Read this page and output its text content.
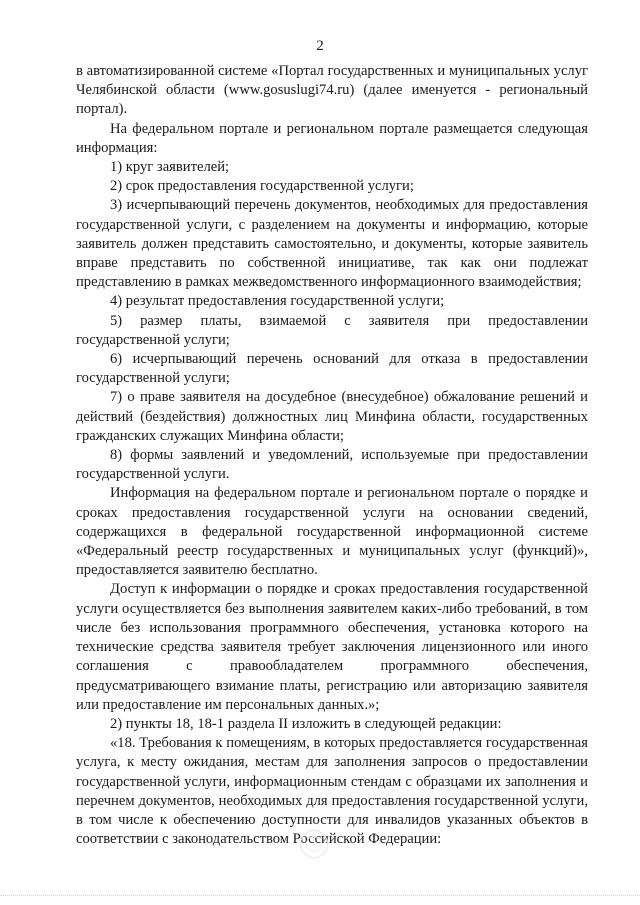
2

в автоматизированной системе «Портал государственных и муниципальных услуг Челябинской области (www.gosuslugi74.ru) (далее именуется - региональный портал).

На федеральном портале и региональном портале размещается следующая информация:

1) круг заявителей;

2) срок предоставления государственной услуги;

3) исчерпывающий перечень документов, необходимых для предоставления государственной услуги, с разделением на документы и информацию, которые заявитель должен представить самостоятельно, и документы, которые заявитель вправе представить по собственной инициативе, так как они подлежат представлению в рамках межведомственного информационного взаимодействия;

4) результат предоставления государственной услуги;

5) размер платы, взимаемой с заявителя при предоставлении государственной услуги;

6) исчерпывающий перечень оснований для отказа в предоставлении государственной услуги;

7) о праве заявителя на досудебное (внесудебное) обжалование решений и действий (бездействия) должностных лиц Минфина области, государственных гражданских служащих Минфина области;

8) формы заявлений и уведомлений, используемые при предоставлении государственной услуги.

Информация на федеральном портале и региональном портале о порядке и сроках предоставления государственной услуги на основании сведений, содержащихся в федеральной государственной информационной системе «Федеральный реестр государственных и муниципальных услуг (функций)», предоставляется заявителю бесплатно.

Доступ к информации о порядке и сроках предоставления государственной услуги осуществляется без выполнения заявителем каких-либо требований, в том числе без использования программного обеспечения, установка которого на технические средства заявителя требует заключения лицензионного или иного соглашения с правообладателем программного обеспечения, предусматривающего взимание платы, регистрацию или авторизацию заявителя или предоставление им персональных данных.»;

2) пункты 18, 18-1 раздела II изложить в следующей редакции:

«18. Требования к помещениям, в которых предоставляется государственная услуга, к месту ожидания, местам для заполнения запросов о предоставлении государственной услуги, информационным стендам с образцами их заполнения и перечнем документов, необходимых для предоставления государственной услуги, в том числе к обеспечению доступности для инвалидов указанных объектов в соответствии с законодательством Российской Федерации:
